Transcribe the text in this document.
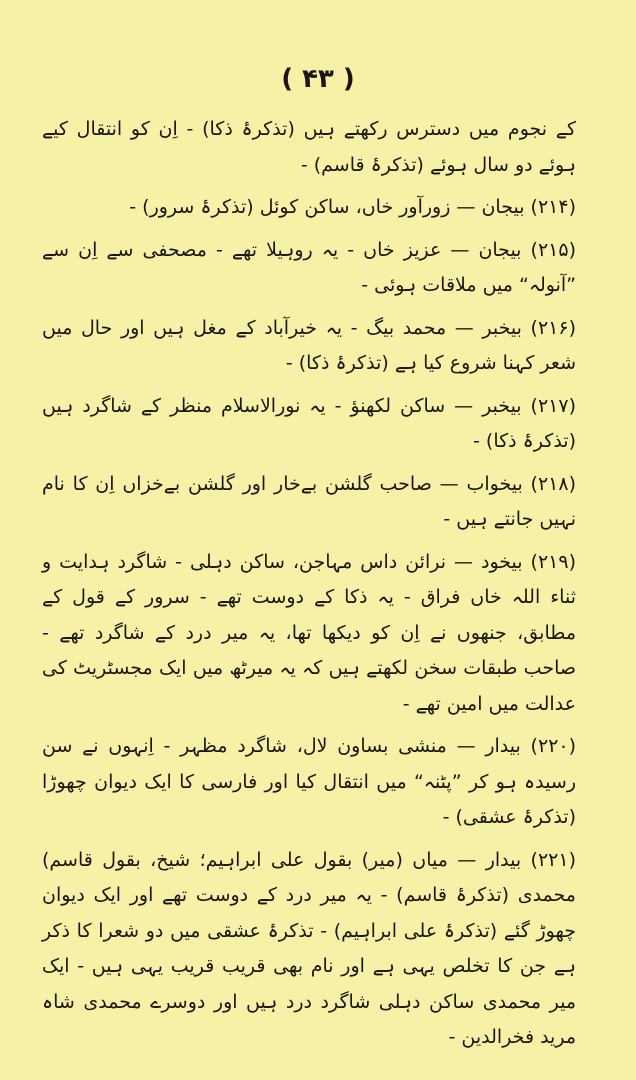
( ۴۳ )

کے نجوم میں دسترس رکھتے ہیں (تذکرۂ ذکا) - اِن کو انتقال کیے ہوئے دو سال ہوئے (تذکرۂ قاسم) -

(۲۱۴) بیجان — زورآور خاں، ساکن کوئل (تذکرۂ سرور) -

(۲۱۵) بیجان — عزیز خاں - یہ روہیلا تھے - مصحفی سے اِن سے ”آنولہ“ میں ملاقات ہوئی -

(۲۱۶) بیخبر — محمد بیگ - یہ خیرآباد کے مغل ہیں اور حال میں شعر کہنا شروع کیا ہے (تذکرۂ ذکا) -

(۲۱۷) بیخبر — ساکن لکھنؤ - یہ نورالاسلام منظر کے شاگرد ہیں (تذکرۂ ذکا) -

(۲۱۸) بیخواب — صاحب گلشن بےخار اور گلشن بےخزاں اِن کا نام نہیں جانتے ہیں -

(۲۱۹) بیخود — نرائن داس مہاجن، ساکن دہلی - شاگرد ہدایت و ثناء اللہ خاں فراق - یہ ذکا کے دوست تھے - سرور کے قول کے مطابق، جنھوں نے اِن کو دیکھا تھا، یہ میر درد کے شاگرد تھے - صاحب طبقات سخن لکھتے ہیں کہ یہ میرٹھ میں ایک مجسٹریٹ کی عدالت میں امین تھے -

(۲۲۰) بیدار — منشی بساون لال، شاگرد مظہر - اِنہوں نے سن رسیدہ ہو کر ”پٹنہ“ میں انتقال کیا اور فارسی کا ایک دیوان چھوڑا (تذکرۂ عشقی) -

(۲۲۱) بیدار — میاں (میر) بقول علی ابراہیم؛ شیخ، بقول قاسم) محمدی (تذکرۂ قاسم) - یہ میر درد کے دوست تھے اور ایک دیوان چھوڑ گئے (تذکرۂ علی ابراہیم) - تذکرۂ عشقی میں دو شعرا کا ذکر ہے جن کا تخلص یہی ہے اور نام بھی قریب قریب یہی ہیں - ایک میر محمدی ساکن دہلی شاگرد درد ہیں اور دوسرے محمدی شاہ مرید فخرالدین -
